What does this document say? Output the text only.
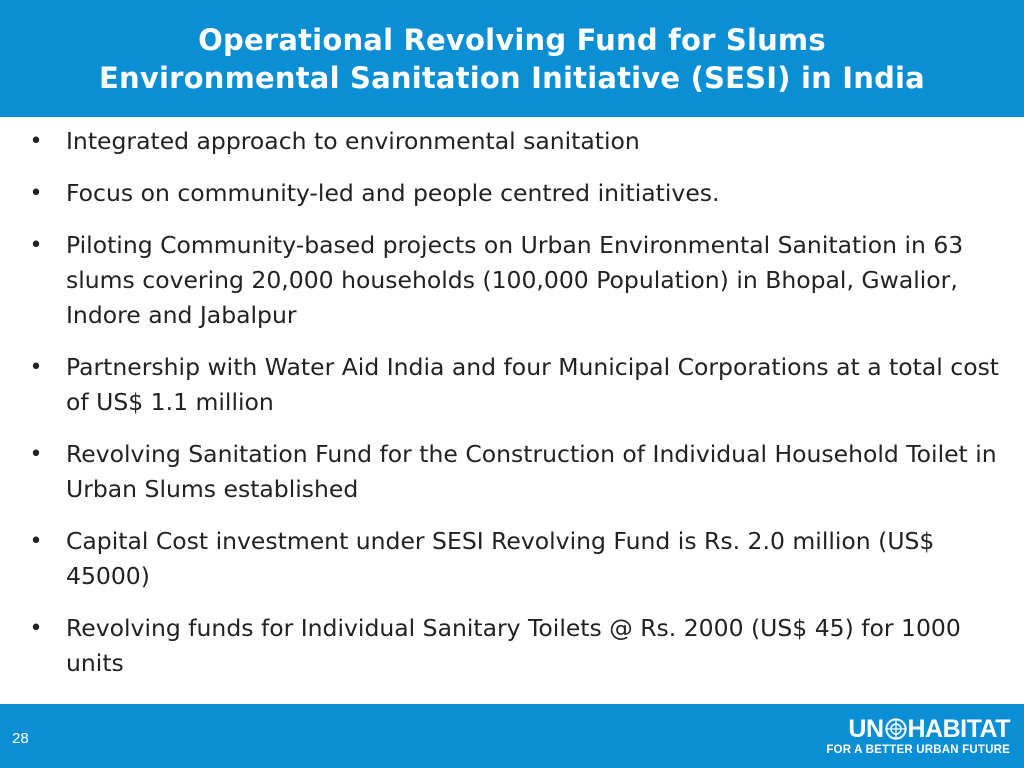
Operational Revolving Fund for Slums
Environmental Sanitation Initiative (SESI) in India
• Integrated approach to environmental sanitation
• Focus on community-led and people centred initiatives.
• Piloting Community-based projects on Urban Environmental Sanitation in 63 slums covering 20,000 households (100,000 Population) in Bhopal, Gwalior, Indore and Jabalpur
• Partnership with Water Aid India and four Municipal Corporations at a total cost of US$ 1.1 million
• Revolving Sanitation Fund for the Construction of Individual Household Toilet in Urban Slums established
• Capital Cost investment under SESI Revolving Fund is Rs. 2.0 million (US$ 45000)
• Revolving funds for Individual Sanitary Toilets @ Rs. 2000 (US$ 45) for 1000 units
28	UN HABITAT
FOR A BETTER URBAN FUTURE
